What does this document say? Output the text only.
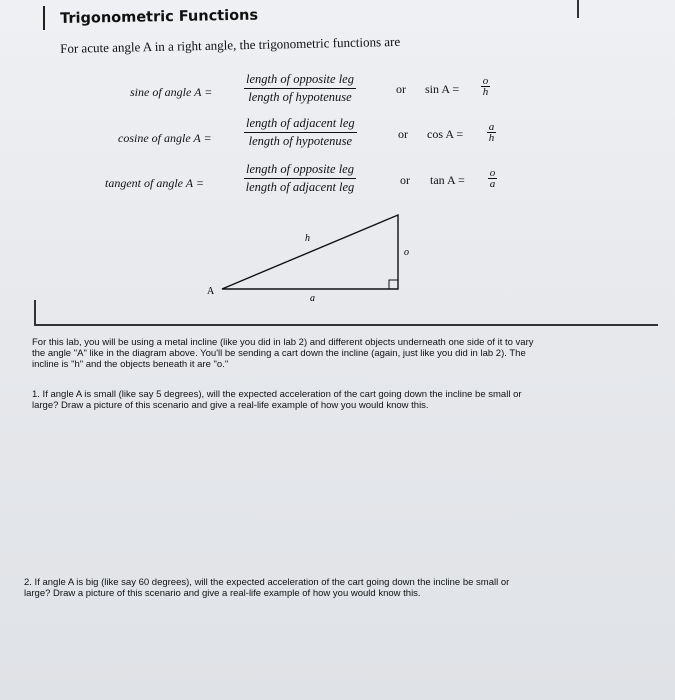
Trigonometric Functions
For acute angle A in a right angle, the trigonometric functions are
sine of angle A =
length of opposite leg
length of hypotenuse
or $\sin A = \frac{o}{h}$
cosine of angle A =
length of adjacent leg
length of hypotenuse	or $\cos A = \frac{a}{h}$
tangent of angle A =
length of opposite leg
length of adjacent leg	or $\tan A = \frac{o}{a}$
h
o
a
A
For this lab, you will be using a metal incline (like you did in lab 2) and different objects underneath one side of it to vary
the angle "A" like in the diagram above. You'll be sending a cart down the incline (again, just like you did in lab 2). The
incline is "h" and the objects beneath it are "o."
1. If angle A is small (like say 5 degrees), will the expected acceleration of the cart going down the incline be small or
large? Draw a picture of this scenario and give a real-life example of how you would know this.
2. If angle A is big (like say 60 degrees), will the expected acceleration of the cart going down the incline be small or
large? Draw a picture of this scenario and give a real-life example of how you would know this.
